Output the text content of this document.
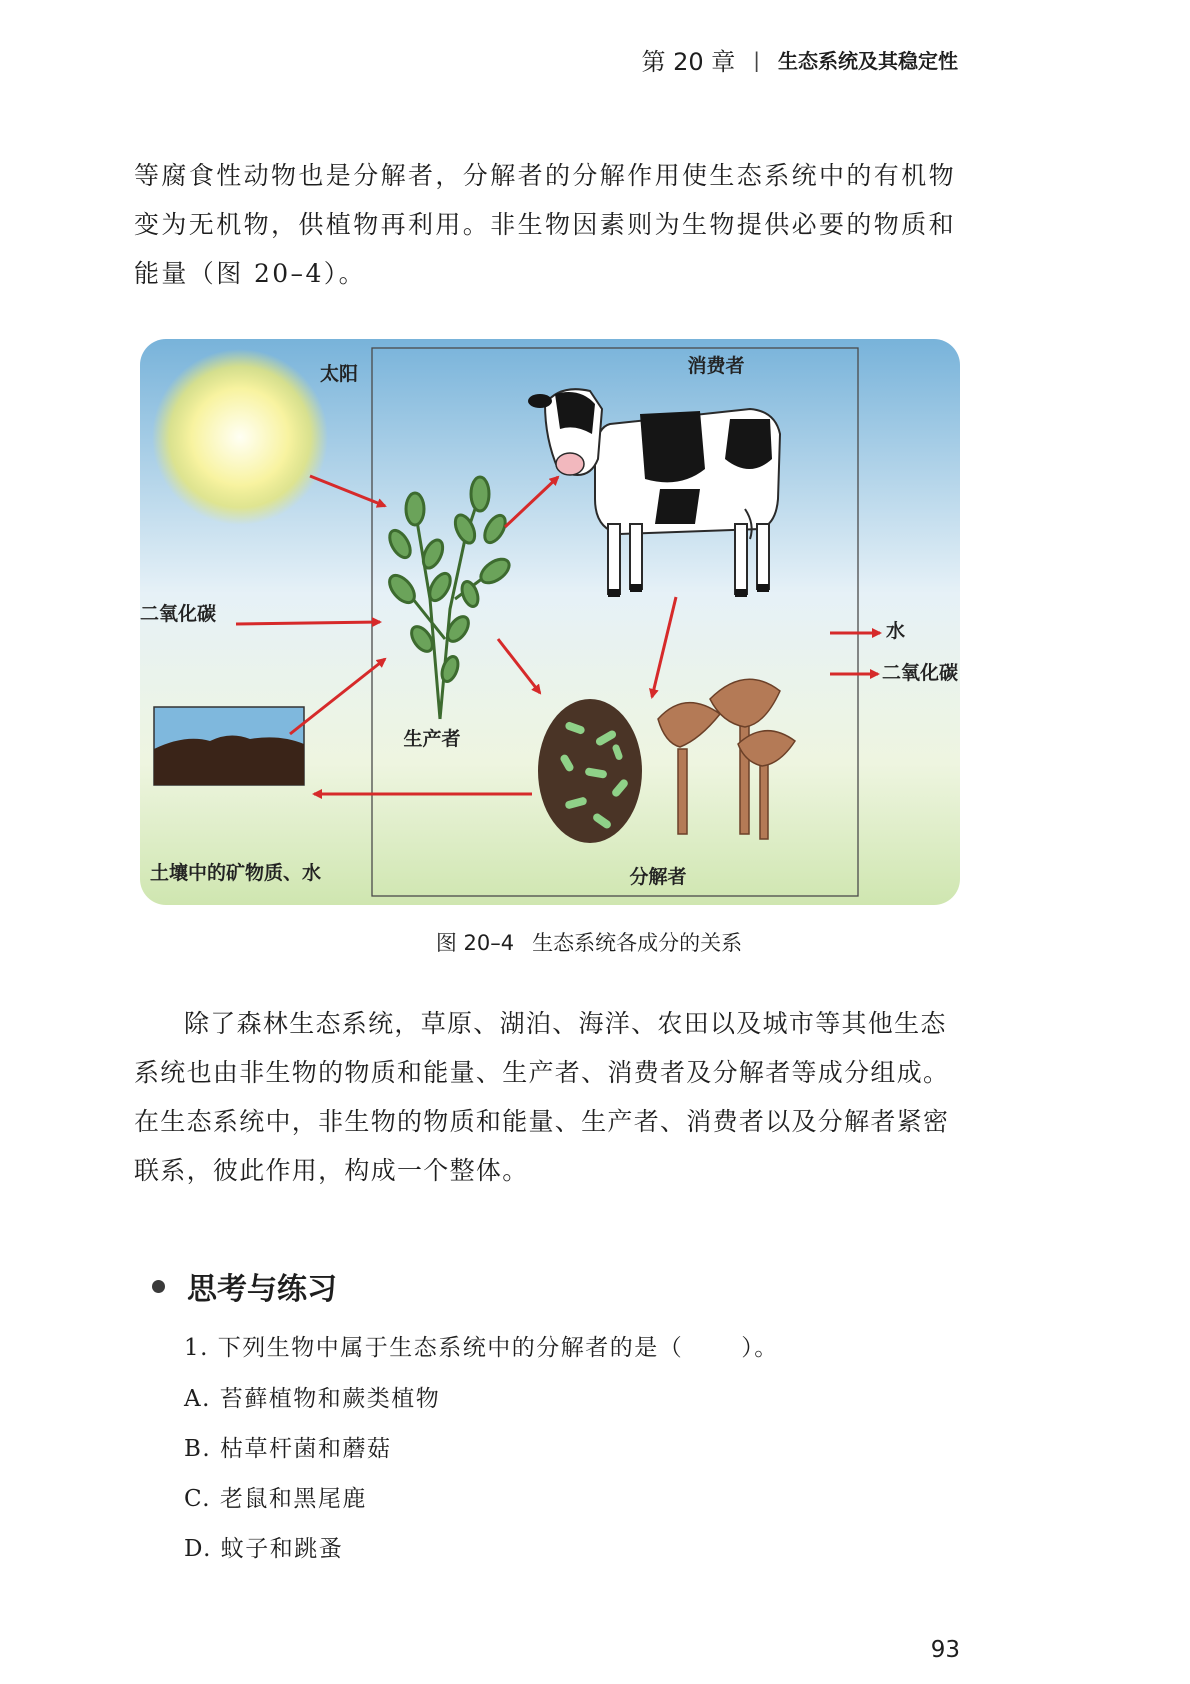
第 20 章 | 生态系统及其稳定性

等腐食性动物也是分解者，分解者的分解作用使生态系统中的有机物变为无机物，供植物再利用。非生物因素则为生物提供必要的物质和能量（图 20–4）。

太阳
生产者
消费者
分解者
土壤中的矿物质、水
二氧化碳
水
二氧化碳
图 20–4 生态系统各成分的关系

除了森林生态系统，草原、湖泊、海洋、农田以及城市等其他生态系统也由非生物的物质和能量、生产者、消费者及分解者等成分组成。在生态系统中，非生物的物质和能量、生产者、消费者以及分解者紧密联系，彼此作用，构成一个整体。

思考与练习

1. 下列生物中属于生态系统中的分解者的是（	）。

A. 苔藓植物和蕨类植物

B. 枯草杆菌和蘑菇

C. 老鼠和黑尾鹿

D. 蚊子和跳蚤

93
